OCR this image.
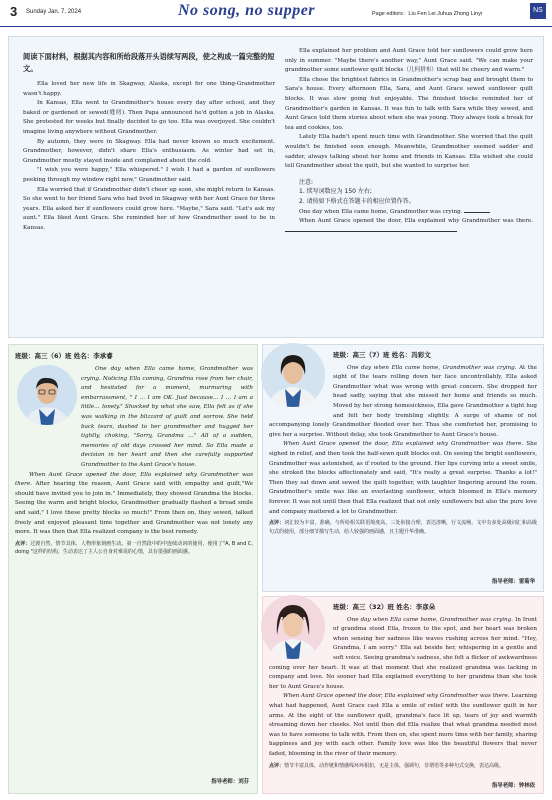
3 Sunday Jan. 7, 2024	No song, no supper	Page editors：Liu Fen Lei Juhua Zhong Linyi	NS

阅读下面材料，根据其内容和所给段落开头语续写两段，使之构成一篇完整的短文。

Ella loved her new life in Skagway, Alaska, except for one thing-Grandmother wasn't happy.

In Kansas, Ella went to Grandmother's house every day after school, and they baked or gardened or sewed(缝纫). Then Papa announced he'd gotten a job in Alaska. She protested for weeks but finally decided to go too. Ella was overjoyed. She couldn't imagine living anywhere without Grandmother.

By autumn, they were in Skagway. Ella had never known so much excitement. Grandmother, however, didn't share Ella's enthusiasm. As winter had set in, Grandmother mostly stayed inside and complained about the cold.

"I wish you were happy," Ella whispered." I wish I had a garden of sunflowers peeking through my window right now," Grandmother said.

Ella worried that if Grandmother didn't cheer up soon, she might return to Kansas. So she went to her friend Sara who had lived in Skagway with her Aunt Grace for three years. Ella asked her if sunflowers could grow here. "Maybe," Sara said. "Let's ask my aunt." Ella liked Aunt Grace. She reminded her of how Grandmother used to be in Kansas.

Ella explained her problem and Aunt Grace told her sunflowers could grow here only in summer. "Maybe there's another way," Aunt Grace said. "We can make your grandmother some sunflower quilt blocks（几何拼布）that will be cheery and warm."

Ella chose the brightest fabrics in Grandmother's scrap bag and brought them to Sara's house. Every afternoon Ella, Sara, and Aunt Grace sewed sunflower quilt blocks. It was slow going but enjoyable. The finished blocks reminded her of Grandmother's garden in Kansas. It was fun to talk with Sara while they sewed, and Aunt Grace told them stories about when she was young. They always took a break for tea and cookies, too.

Lately Ella hadn't spent much time with Grandmother. She worried that the quilt wouldn't be finished soon enough. Meanwhile, Grandmother seemed sadder and sadder, always talking about her home and friends in Kansas. Ella wished she could tell Grandmother about the quilt, but she wanted to surprise her.

注意:
1. 续写词数应为 150 左右;
2. 请按如下格式在答题卡的相应位置作答。

One day when Ella came home, Grandmother was crying.

When Aunt Grace opened the door, Ella explained why Grandmother was there.

班级：高三（6）班 姓名：李承睿

One day when Ella came home, Grandmother was crying. Noticing Ella coming, Grandma rose from her chair, and hesitated for a moment, murmuring with embarrassment, " I … I am OK. Just because… I … I am a little… lonely." Shocked by what she saw, Ella felt as if she was walking in the blizzard of guilt and sorrow. She held back tears, dashed to her grandmother and hugged her tightly, choking, "Sorry, Grandma …" All of a sudden, memories of old days crossed her mind. So Ella made a decision in her heart and then she carefully supported Grandmother to the Aunt Grace's house.

When Aunt Grace opened the door, Ella explained why Grandmother was there. After hearing the reason, Aunt Grace said with empathy and guilt,"We should have invited you to join in." Immediately, they showed Grandma the blocks. Seeing the warm and bright blocks, Grandmother gradually flashed a broad smile and said," I love these pretty blocks so much!" From then on, they sewed, talked freely and enjoyed pleasant time together and Grandmother was not lonely any more. It was then that Ella realized company is the best remedy.

点评：过渡自然，情节具体，人物形象刻画生动。第一自然段中的中连续动词的使用，使用了"A, B and C, doing "这样的结构，生动表达了主人公自身对难说的心情，具有很强的画面感。

指导老师：刘芬
班级：高三（7）班 姓名：冯彩文

One day when Ella came home, Grandmother was crying. At the sight of the tears rolling down her face uncontrollably, Ella asked Grandmother what was wrong with great concern. She dropped her head sadly, saying that she missed her home and friends so much. Moved by her strong homesickness, Ella gave Grandmother a tight hug and felt her body trembling slightly. A surge of shame of not accompanying lonely Grandmother flooded over her. Thus she comforted her, promising to give her a surprise. Without delay, she took Grandmother to Aunt Grace's house.

When Aunt Grace opened the door, Ella explained why Grandmother was there. She sighed in relief, and then took the half-sewn quilt blocks out. On seeing the bright sunflowers, Grandmother was astonished, as if rooted to the ground. Her lips curving into a sweet smile, she stroked the blocks affectionately and said, "It's really a great surprise. Thanks a lot!" Then they sat down and sewed the quilt together, with laughter lingering around the room. Grandmother's smile was like an everlasting sunflower, which bloomed in Ella's memory forever. It was not until then that Ella realized that not only sunflowers but also the pure love and company mattered a lot to Grandmother.

点评：词汇较为丰富，准确。与所给相关联语境度高，三处衔接合理，表达清晰，行文流畅，文中有多处高级词汇和高级句式的使用，部分细节描写生动，给人较强的画面感，且主题升华准确。

指导老师：雷菊华
班级：高三（32）班 姓名：李彦朵

One day when Ella came home, Grandmother was crying. In front of grandma stood Ella, frozen to the spot, and her heart was broken when sensing her sadness like waves rushing across her mind. "Hey, Grandma, I am sorry." Ella sat beside her, whispering in a gentle and soft voice. Seeing grandma's sadness, she felt a flicker of awkwardness coming over her heart. It was at that moment that she realized grandma was lacking in company and love. No sooner had Ella explained everything to her grandma than she took her to Aunt Grace's house.

When Aunt Grace opened the door, Ella explained why Grandmother was there. Learning what had happened, Aunt Grace cast Ella a smile of relief with the sunflower quilt in her arms. At the sight of the sunflower quilt, grandma's face lit up, tears of joy and warmth streaming down her cheeks. Not until then did Ella realize that what grandma needed most was to have someone to talk with. From then on, she spent more time with her family, sharing happiness and joy with each other. Family love was like the beautiful flowers that never faded, blooming in the river of their memory.

点评：情节丰富具体，动作链和情感线环环相扣，无是主体，强调句，非谓语等多种句式交换，表达高级。

指导老师：钟林依
